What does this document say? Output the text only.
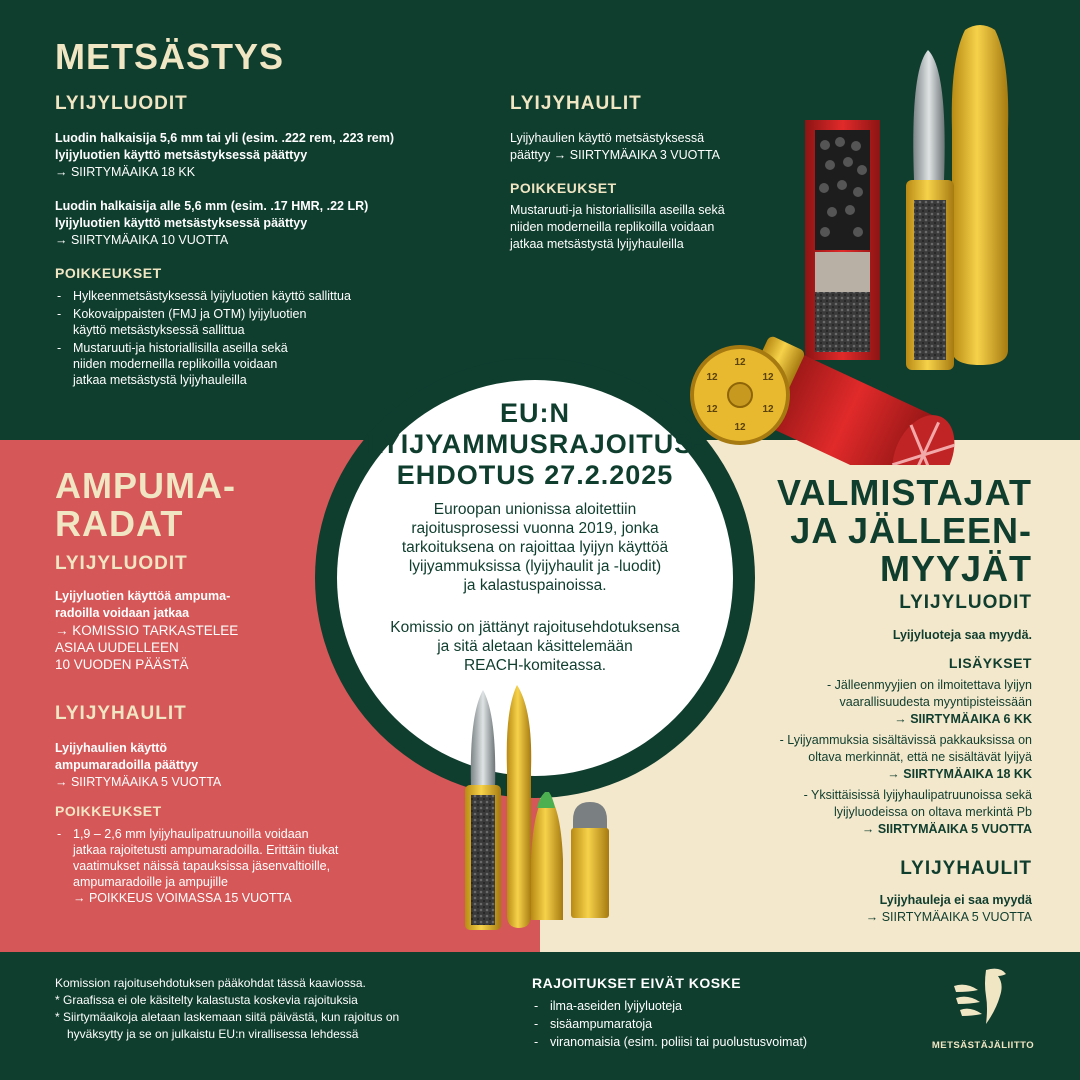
METSÄSTYS
LYIJYLUODIT
Luodin halkaisija 5,6 mm tai yli (esim. .222 rem, .223 rem)
lyijyluotien käyttö metsästyksessä päättyy
→ SIIRTYMÄAIKA 18 KK
Luodin halkaisija alle 5,6 mm (esim. .17 HMR, .22 LR)
lyijyluotien käyttö metsästyksessä päättyy
→ SIIRTYMÄAIKA 10 VUOTTA
POIKKEUKSET
- Hylkeenmetsästyksessä lyijyluotien käyttö sallittua
- Kokovaippaisten (FMJ ja OTM) lyijyluotien
käyttö metsästyksessä sallittua
- Mustaruuti-ja historiallisilla aseilla sekä
niiden moderneilla replikoilla voidaan
jatkaa metsästystä lyijyhauleilla
LYIJYHAULIT
Lyijyhaulien käyttö metsästyksessä
päättyy → SIIRTYMÄAIKA 3 VUOTTA
POIKKEUKSET
Mustaruuti-ja historiallisilla aseilla sekä
niiden moderneilla replikoilla voidaan
jatkaa metsästystä lyijyhauleilla
12
12
12
12
12
12
EU:N
LYIJYAMMUSRAJOITUS-
EHDOTUS 27.2.2025
Euroopan unionissa aloitettiin
rajoitusprosessi vuonna 2019, jonka
tarkoituksena on rajoittaa lyijyn käyttöä
lyijyammuksissa (lyijyhaulit ja -luodit)
ja kalastuspainoissa.
Komissio on jättänyt rajoitusehdotuksensa
ja sitä aletaan käsittelemään
REACH-komiteassa.
AMPUMA-
RADAT
LYIJYLUODIT
Lyijyluotien käyttöä ampuma-
radoilla voidaan jatkaa
→ KOMISSIO TARKASTELEE
ASIAA UUDELLEEN
10 VUODEN PÄÄSTÄ
LYIJYHAULIT
Lyijyhaulien käyttö
ampumaradoilla päättyy
→ SIIRTYMÄAIKA 5 VUOTTA
POIKKEUKSET
- 1,9 – 2,6 mm lyijyhaulipatruunoilla voidaan
jatkaa rajoitetusti ampumaradoilla. Erittäin tiukat
vaatimukset näissä tapauksissa jäsenvaltioille,
ampumaradoille ja ampujille
→ POIKKEUS VOIMASSA 15 VUOTTA
VALMISTAJAT
JA JÄLLEEN-
MYYJÄT
LYIJYLUODIT
Lyijyluoteja saa myydä.
LISÄYKSET
- Jälleenmyyjien on ilmoitettava lyijyn
vaarallisuudesta myyntipisteissään
→ SIIRTYMÄAIKA 6 KK
- Lyijyammuksia sisältävissä pakkauksissa on
oltava merkinnät, että ne sisältävät lyijyä
→ SIIRTYMÄAIKA 18 KK
- Yksittäisissä lyijyhaulipatruunoissa sekä
lyijyluodeissa on oltava merkintä Pb
→ SIIRTYMÄAIKA 5 VUOTTA
LYIJYHAULIT
Lyijyhauleja ei saa myydä
→ SIIRTYMÄAIKA 5 VUOTTA
Komission rajoitusehdotuksen pääkohdat tässä kaaviossa.
* Graafissa ei ole käsitelty kalastusta koskevia rajoituksia
* Siirtymäaikoja aletaan laskemaan siitä päivästä, kun rajoitus on
hyväksytty ja se on julkaistu EU:n virallisessa lehdessä
RAJOITUKSET EIVÄT KOSKE
- ilma-aseiden lyijyluoteja
- sisäampumaratoja
- viranomaisia (esim. poliisi tai puolustusvoimat)	METSÄSTÄJÄLIITTO
